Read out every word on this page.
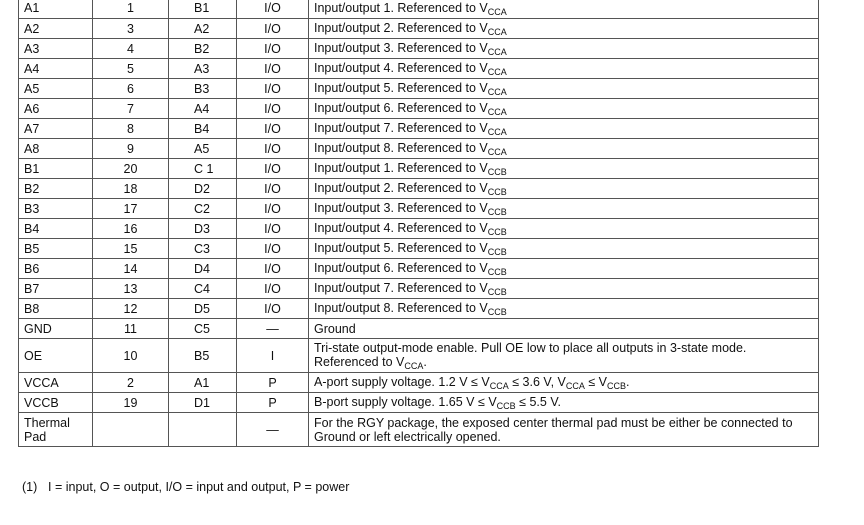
A1	1	B1	I/O	Input/output 1. Referenced to $V_{CCA}$
A2	3	A2	I/O	Input/output 2. Referenced to $V_{CCA}$
A3	4	B2	I/O	Input/output 3. Referenced to $V_{CCA}$
A4	5	A3	I/O	Input/output 4. Referenced to $V_{CCA}$
A5	6	B3	I/O	Input/output 5. Referenced to $V_{CCA}$
A6	7	A4	I/O	Input/output 6. Referenced to $V_{CCA}$
A7	8	B4	I/O	Input/output 7. Referenced to $V_{CCA}$
A8	9	A5	I/O	Input/output 8. Referenced to $V_{CCA}$
B1	20	C 1	I/O	Input/output 1. Referenced to $V_{CCB}$
B2	18	D2	I/O	Input/output 2. Referenced to $V_{CCB}$
B3	17	C2	I/O	Input/output 3. Referenced to $V_{CCB}$
B4	16	D3	I/O	Input/output 4. Referenced to $V_{CCB}$
B5	15	C3	I/O	Input/output 5. Referenced to $V_{CCB}$
B6	14	D4	I/O	Input/output 6. Referenced to $V_{CCB}$
B7	13	C4	I/O	Input/output 7. Referenced to $V_{CCB}$
B8	12	D5	I/O	Input/output 8. Referenced to $V_{CCB}$
GND	11	C5	—	Ground
OE	10	B5	I	Tri-state output-mode enable. Pull OE low to place all outputs in 3-state mode.
Referenced to $V_{CCA}$.
VCCA	2	A1	P	A-port supply voltage. 1.2 $V \le V_{CCA} \le 3.6$ V, $V_{CCA} \le V_{CCB}$.
VCCB	19	D1	P	B-port supply voltage. 1.65 $V \le V_{CCB} \le 5.5$ V.
Thermal Pad			—	For the RGY package, the exposed center thermal pad must be either be connected to
Ground or left electrically opened.
(1) I = input, O = output, I/O = input and output, P = power
